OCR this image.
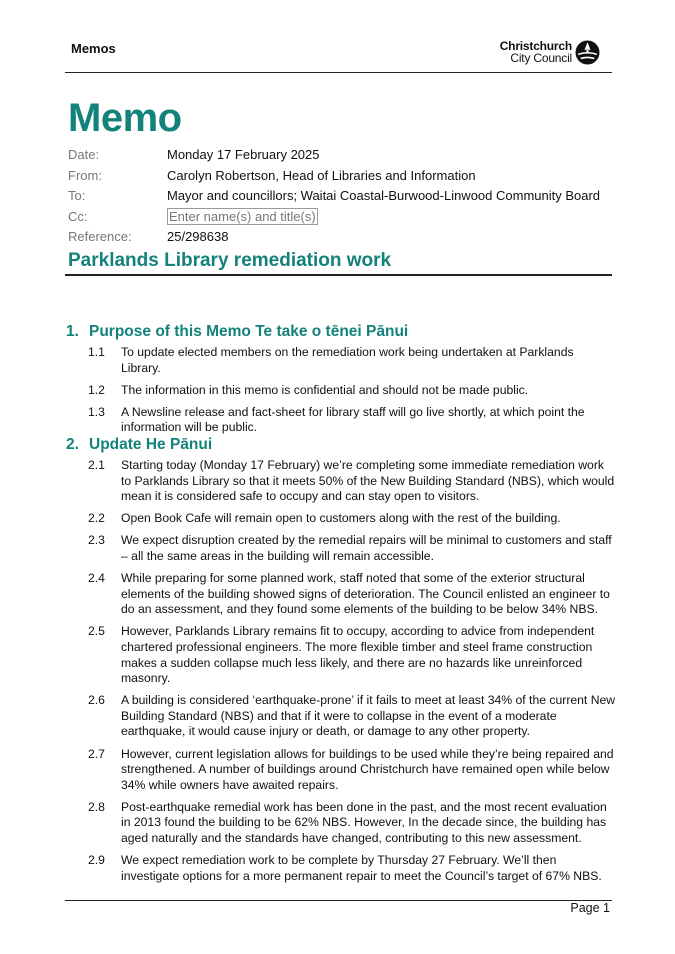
Memos	Christchurch
City Council
Memo
Date:	Monday 17 February 2025
From:	Carolyn Robertson, Head of Libraries and Information
To:	Mayor and councillors; Waitai Coastal-Burwood-Linwood Community Board
Cc:	Enter name(s) and title(s)
Reference:	25/298638
Parklands Library remediation work
1. Purpose of this Memo Te take o tēnei Pānui
1.1 To update elected members on the remediation work being undertaken at Parklands Library.
1.2 The information in this memo is confidential and should not be made public.
1.3 A Newsline release and fact-sheet for library staff will go live shortly, at which point the information will be public.
2. Update He Pānui
2.1 Starting today (Monday 17 February) we’re completing some immediate remediation work to Parklands Library so that it meets 50% of the New Building Standard (NBS), which would mean it is considered safe to occupy and can stay open to visitors.
2.2 Open Book Cafe will remain open to customers along with the rest of the building.
2.3 We expect disruption created by the remedial repairs will be minimal to customers and staff – all the same areas in the building will remain accessible.
2.4 While preparing for some planned work, staff noted that some of the exterior structural elements of the building showed signs of deterioration. The Council enlisted an engineer to do an assessment, and they found some elements of the building to be below 34% NBS.
2.5 However, Parklands Library remains fit to occupy, according to advice from independent chartered professional engineers. The more flexible timber and steel frame construction makes a sudden collapse much less likely, and there are no hazards like unreinforced masonry.
2.6 A building is considered ‘earthquake-prone’ if it fails to meet at least 34% of the current New Building Standard (NBS) and that if it were to collapse in the event of a moderate earthquake, it would cause injury or death, or damage to any other property.
2.7 However, current legislation allows for buildings to be used while they’re being repaired and strengthened. A number of buildings around Christchurch have remained open while below 34% while owners have awaited repairs.
2.8 Post-earthquake remedial work has been done in the past, and the most recent evaluation in 2013 found the building to be 62% NBS. However, In the decade since, the building has aged naturally and the standards have changed, contributing to this new assessment.
2.9 We expect remediation work to be complete by Thursday 27 February. We’ll then investigate options for a more permanent repair to meet the Council’s target of 67% NBS.
Page 1
